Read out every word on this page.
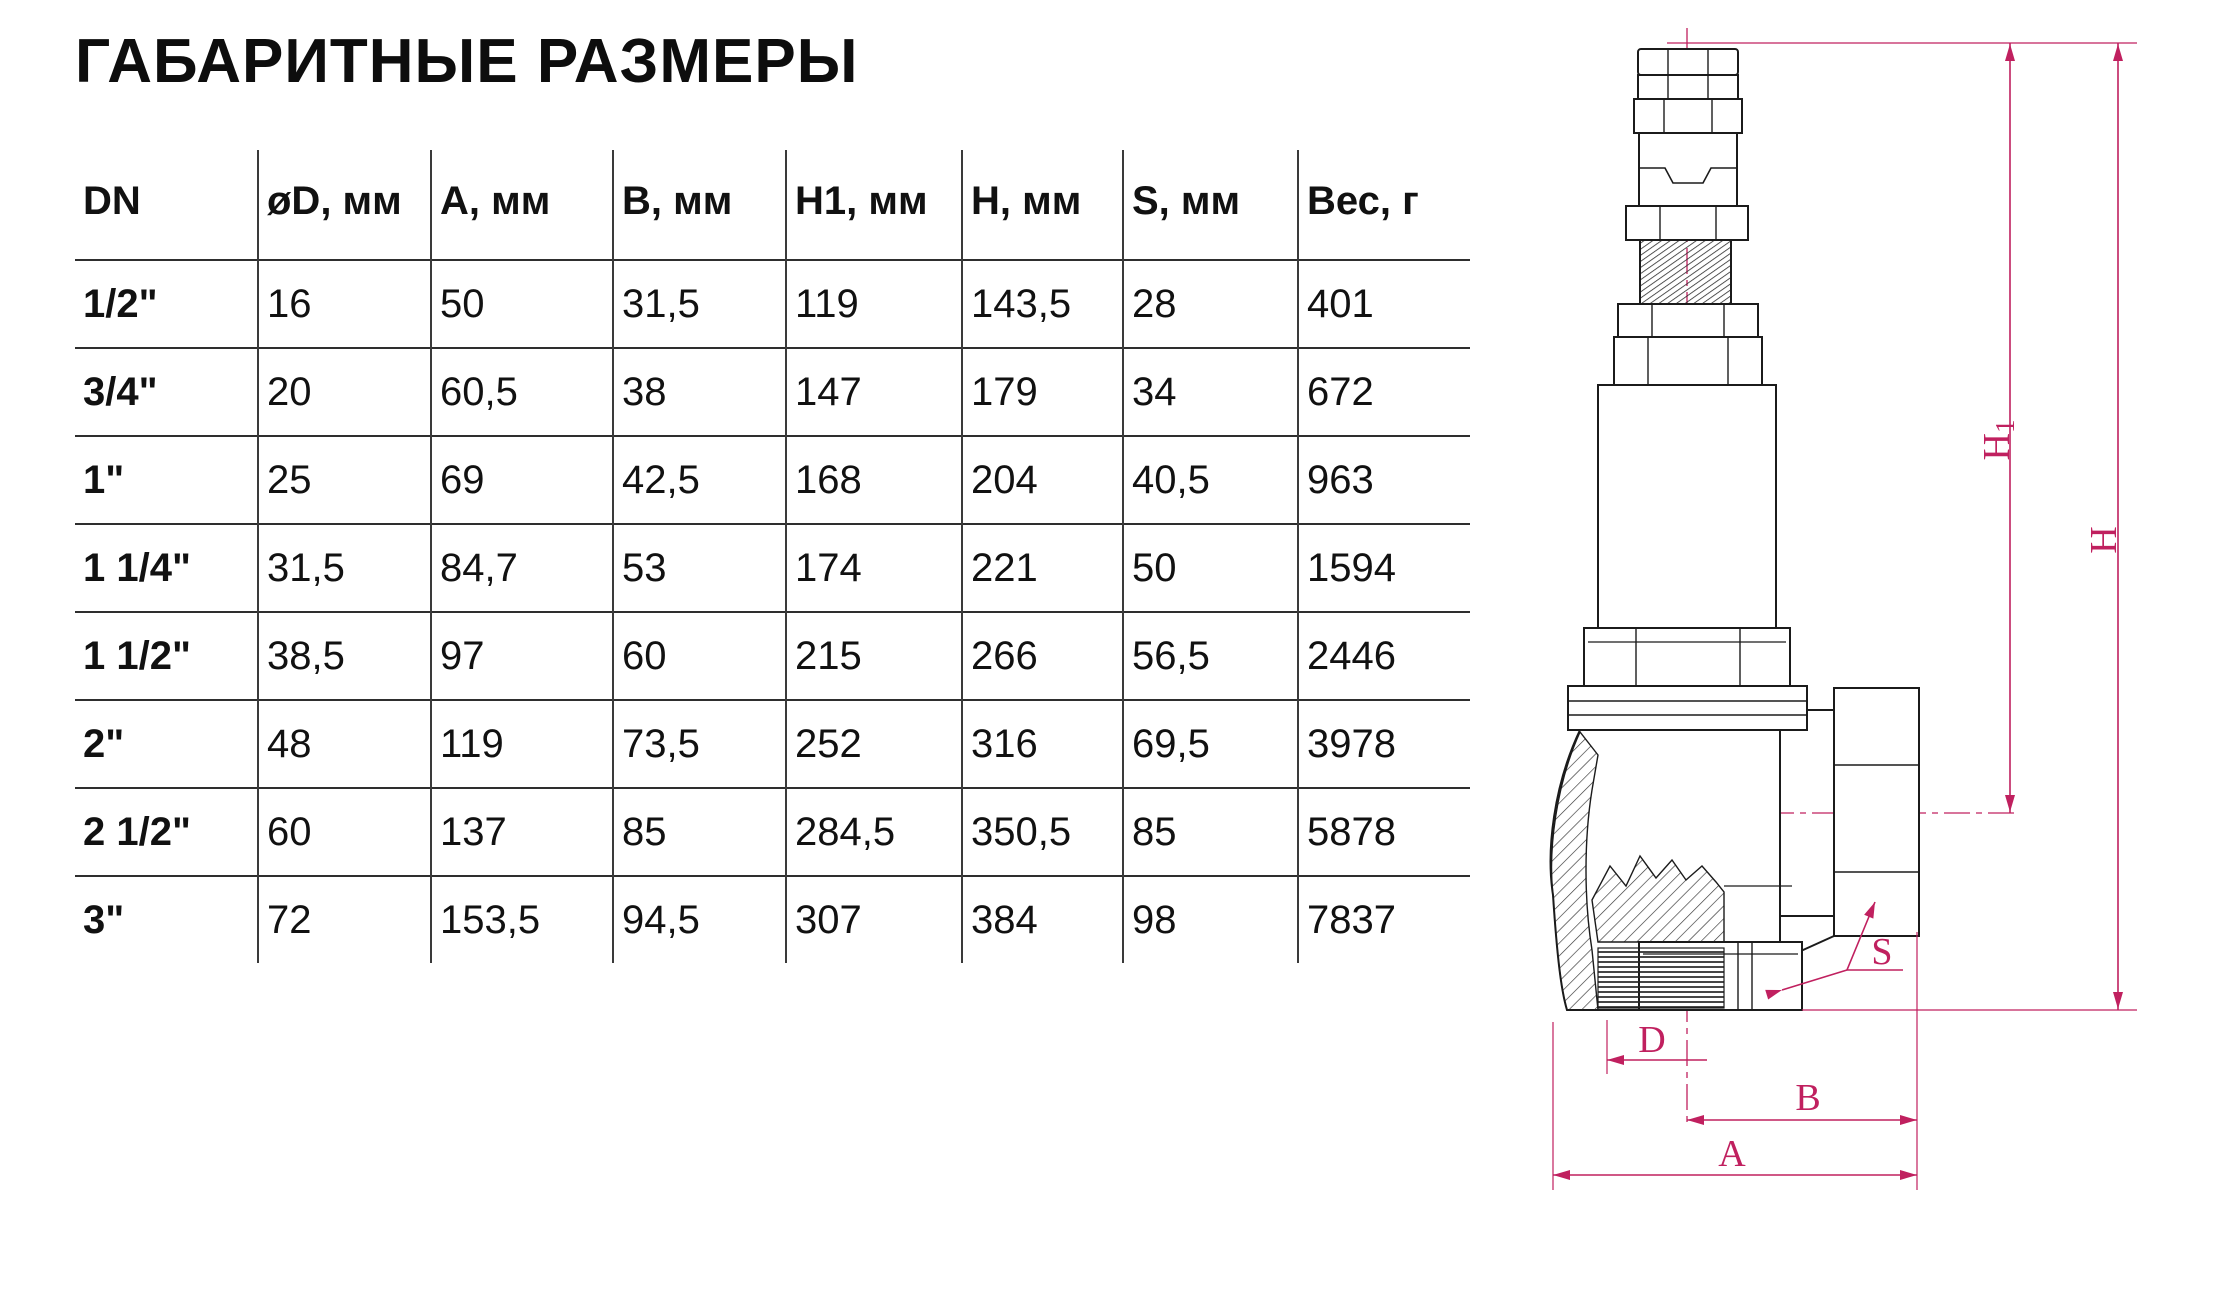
ГАБАРИТНЫЕ РАЗМЕРЫ
DN	øD, мм	A, мм	B, мм	H1, мм	H, мм	S, мм	Вес, г
1/2"	16	50	31,5	119	143,5	28	401
3/4"	20	60,5	38	147	179	34	672
1"	25	69	42,5	168	204	40,5	963
1 1/4"	31,5	84,7	53	174	221	50	1594
1 1/2"	38,5	97	60	215	266	56,5	2446
2"	48	119	73,5	252	316	69,5	3978
2 1/2"	60	137	85	284,5	350,5	85	5878
3"	72	153,5	94,5	307	384	98	7837
H1
H
D
B
A
S
